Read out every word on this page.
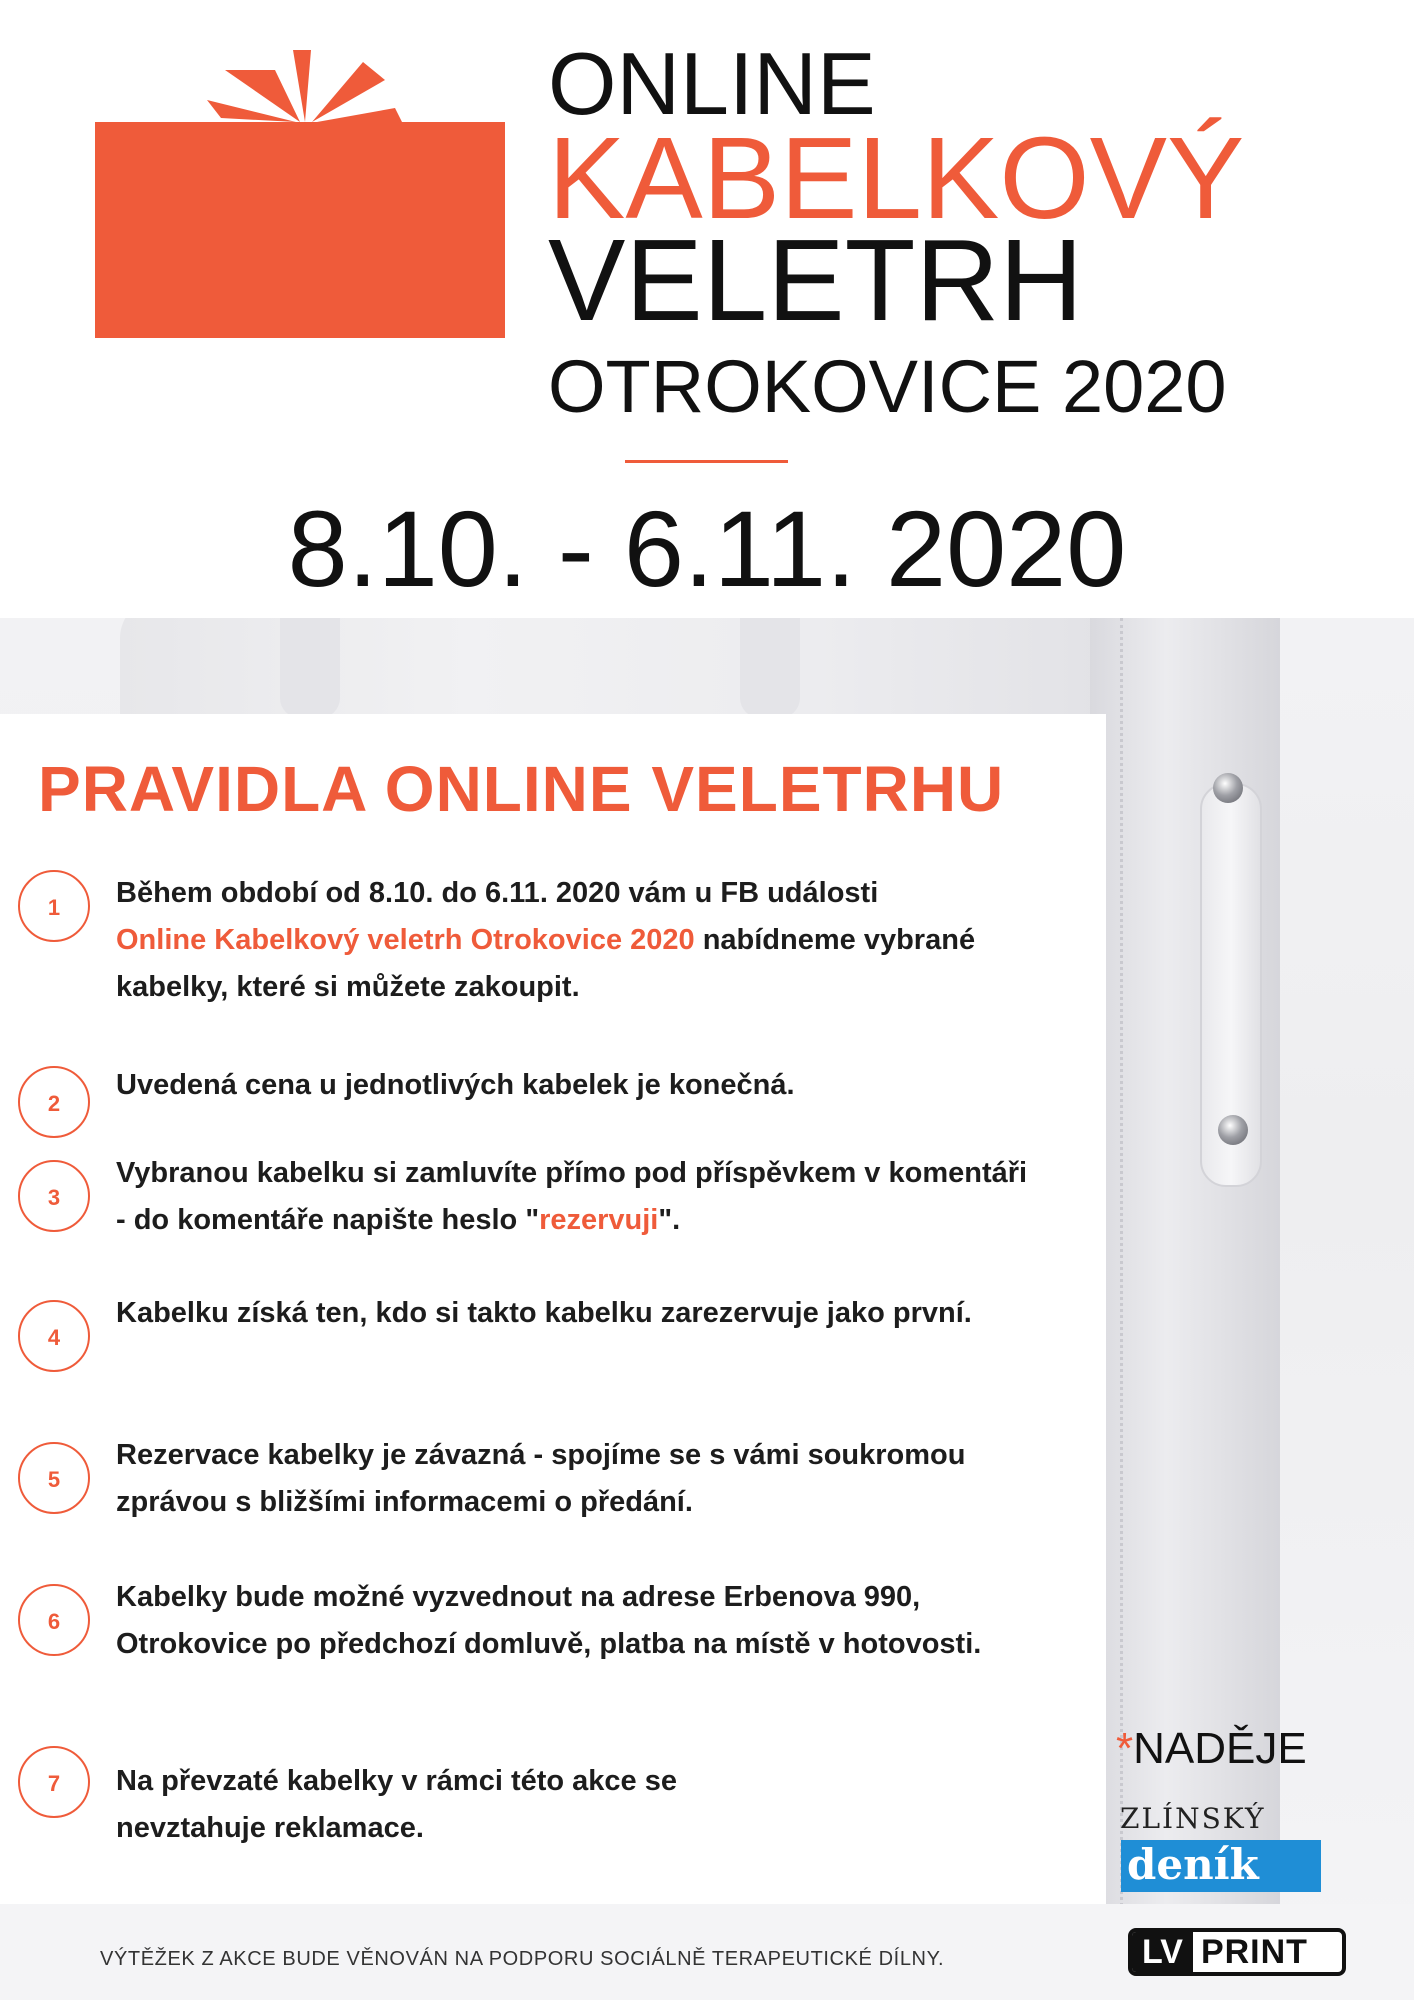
ONLINE
KABELKOVÝ
VELETRH
OTROKOVICE 2020
8.10. - 6.11. 2020
PRAVIDLA ONLINE VELETRHU
1	Během období od 8.10. do 6.11. 2020 vám u FB události
Online Kabelkový veletrh Otrokovice 2020 nabídneme vybrané kabelky, které si můžete zakoupit.

2

Uvedená cena u jednotlivých kabelek je konečná.

3

Vybranou kabelku si zamluvíte přímo pod příspěvkem v komentáři - do komentáře napište heslo "rezervuji".

4

Kabelku získá ten, kdo si takto kabelku zarezervuje jako první.

5

Rezervace kabelky je závazná - spojíme se s vámi soukromou zprávou s bližšími informacemi o předání.

6

Kabelky bude možné vyzvednout na adrese Erbenova 990, Otrokovice po předchozí domluvě, platba na místě v hotovosti.

7	Na převzaté kabelky v rámci této akce se nevztahuje reklamace.

VÝTĚŽEK Z AKCE BUDE VĚNOVÁN NA PODPORU SOCIÁLNĚ TERAPEUTICKÉ DÍLNY.
*NADĚJE
ZLÍNSKÝ
deník
LV PRINT
